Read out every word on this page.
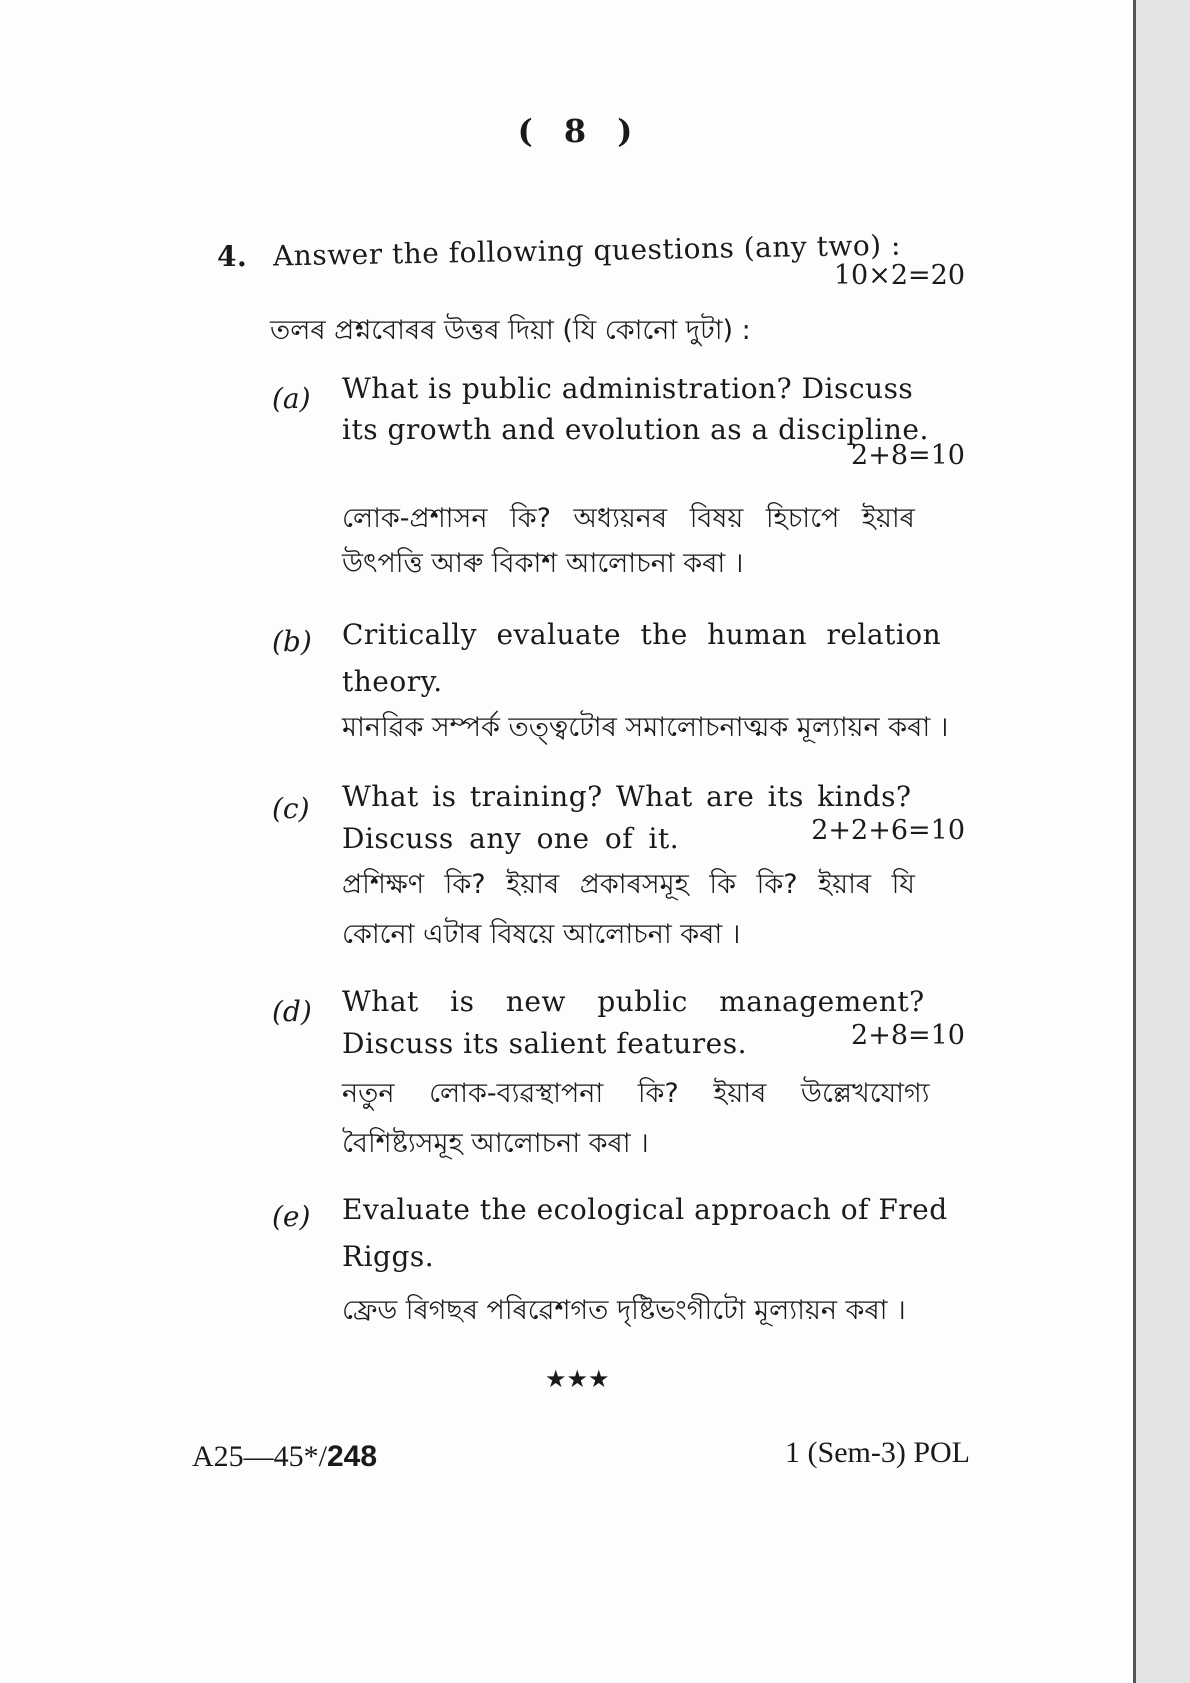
( 8 )
4. Answer the following questions (any two) :
10×2=20
তলৰ প্ৰশ্নবোৰৰ উত্তৰ দিয়া (যি কোনো দুটা) :
(a) What is public administration? Discuss
its growth and evolution as a discipline.
2+8=10
লোক-প্ৰশাসন কি? অধ্যয়নৰ বিষয় হিচাপে ইয়াৰ
উৎপত্তি আৰু বিকাশ আলোচনা কৰা ।
(b) Critically evaluate the human relation
theory.
মানৱিক সম্পৰ্ক তত্ত্বটোৰ সমালোচনাত্মক মূল্যায়ন কৰা ।
(c) What is training? What are its kinds?
Discuss any one of it.	2+2+6=10
প্ৰশিক্ষণ কি? ইয়াৰ প্ৰকাৰসমূহ কি কি? ইয়াৰ যি
কোনো এটাৰ বিষয়ে আলোচনা কৰা ।
(d) What is new public management?
Discuss its salient features.	2+8=10
নতুন লোক-ব্যৱস্থাপনা কি? ইয়াৰ উল্লেখযোগ্য
বৈশিষ্ট্যসমূহ আলোচনা কৰা ।
(e) Evaluate the ecological approach of Fred
Riggs.
ফ্ৰেড ৰিগছৰ পৰিৱেশগত দৃষ্টিভংগীটো মূল্যায়ন কৰা ।
★★★
A25—45*/248	1 (Sem-3) POL
